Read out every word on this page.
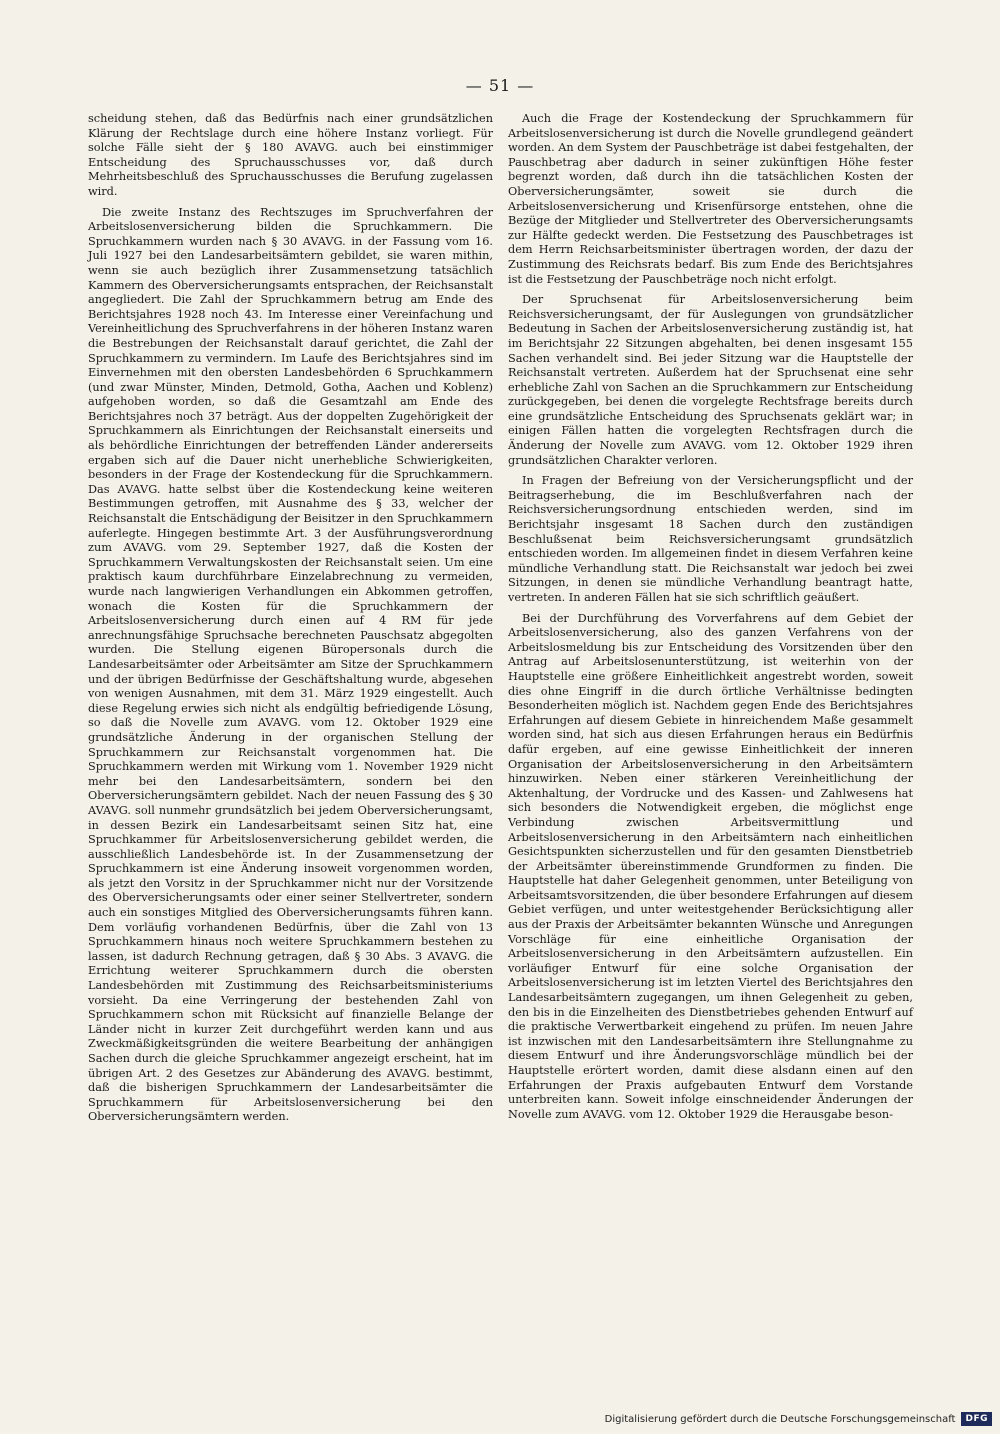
— 51 —

scheidung stehen, daß das Bedürfnis nach einer grundsätzlichen Klärung der Rechtslage durch eine höhere Instanz vorliegt. Für solche Fälle sieht der § 180 AVAVG. auch bei einstimmiger Entscheidung des Spruchausschusses vor, daß durch Mehrheitsbeschluß des Spruchausschusses die Berufung zugelassen wird.

Die zweite Instanz des Rechtszuges im Spruchverfahren der Arbeitslosenversicherung bilden die Spruchkammern. Die Spruchkammern wurden nach § 30 AVAVG. in der Fassung vom 16. Juli 1927 bei den Landesarbeitsämtern gebildet, sie waren mithin, wenn sie auch bezüglich ihrer Zusammensetzung tatsächlich Kammern des Oberversicherungsamts entsprachen, der Reichsanstalt angegliedert. Die Zahl der Spruchkammern betrug am Ende des Berichtsjahres 1928 noch 43. Im Interesse einer Vereinfachung und Vereinheitlichung des Spruchverfahrens in der höheren Instanz waren die Bestrebungen der Reichsanstalt darauf gerichtet, die Zahl der Spruchkammern zu vermindern. Im Laufe des Berichtsjahres sind im Einvernehmen mit den obersten Landesbehörden 6 Spruchkammern (und zwar Münster, Minden, Detmold, Gotha, Aachen und Koblenz) aufgehoben worden, so daß die Gesamtzahl am Ende des Berichtsjahres noch 37 beträgt. Aus der doppelten Zugehörigkeit der Spruchkammern als Einrichtungen der Reichsanstalt einerseits und als behördliche Einrichtungen der betreffenden Länder andererseits ergaben sich auf die Dauer nicht unerhebliche Schwierigkeiten, besonders in der Frage der Kostendeckung für die Spruchkammern. Das AVAVG. hatte selbst über die Kostendeckung keine weiteren Bestimmungen getroffen, mit Ausnahme des § 33, welcher der Reichsanstalt die Entschädigung der Beisitzer in den Spruchkammern auferlegte. Hingegen bestimmte Art. 3 der Ausführungsverordnung zum AVAVG. vom 29. September 1927, daß die Kosten der Spruchkammern Verwaltungskosten der Reichsanstalt seien. Um eine praktisch kaum durchführbare Einzelabrechnung zu vermeiden, wurde nach langwierigen Verhandlungen ein Abkommen getroffen, wonach die Kosten für die Spruchkammern der Arbeitslosenversicherung durch einen auf 4 RM für jede anrechnungsfähige Spruchsache berechneten Pauschsatz abgegolten wurden. Die Stellung eigenen Büropersonals durch die Landesarbeitsämter oder Arbeitsämter am Sitze der Spruchkammern und der übrigen Bedürfnisse der Geschäftshaltung wurde, abgesehen von wenigen Ausnahmen, mit dem 31. März 1929 eingestellt. Auch diese Regelung erwies sich nicht als endgültig befriedigende Lösung, so daß die Novelle zum AVAVG. vom 12. Oktober 1929 eine grundsätzliche Änderung in der organischen Stellung der Spruchkammern zur Reichsanstalt vorgenommen hat. Die Spruchkammern werden mit Wirkung vom 1. November 1929 nicht mehr bei den Landesarbeitsämtern, sondern bei den Oberversicherungsämtern gebildet. Nach der neuen Fassung des § 30 AVAVG. soll nunmehr grundsätzlich bei jedem Oberversicherungsamt, in dessen Bezirk ein Landesarbeitsamt seinen Sitz hat, eine Spruchkammer für Arbeitslosenversicherung gebildet werden, die ausschließlich Landesbehörde ist. In der Zusammensetzung der Spruchkammern ist eine Änderung insoweit vorgenommen worden, als jetzt den Vorsitz in der Spruchkammer nicht nur der Vorsitzende des Oberversicherungsamts oder einer seiner Stellvertreter, sondern auch ein sonstiges Mitglied des Oberversicherungsamts führen kann. Dem vorläufig vorhandenen Bedürfnis, über die Zahl von 13 Spruchkammern hinaus noch weitere Spruchkammern bestehen zu lassen, ist dadurch Rechnung getragen, daß § 30 Abs. 3 AVAVG. die Errichtung weiterer Spruchkammern durch die obersten Landesbehörden mit Zustimmung des Reichsarbeitsministeriums vorsieht. Da eine Verringerung der bestehenden Zahl von Spruchkammern schon mit Rücksicht auf finanzielle Belange der Länder nicht in kurzer Zeit durchgeführt werden kann und aus Zweckmäßigkeitsgründen die weitere Bearbeitung der anhängigen Sachen durch die gleiche Spruchkammer angezeigt erscheint, hat im übrigen Art. 2 des Gesetzes zur Abänderung des AVAVG. bestimmt, daß die bisherigen Spruchkammern der Landesarbeitsämter die Spruchkammern für Arbeitslosenversicherung bei den Oberversicherungsämtern werden.

Auch die Frage der Kostendeckung der Spruchkammern für Arbeitslosenversicherung ist durch die Novelle grundlegend geändert worden. An dem System der Pauschbeträge ist dabei festgehalten, der Pauschbetrag aber dadurch in seiner zukünftigen Höhe fester begrenzt worden, daß durch ihn die tatsächlichen Kosten der Oberversicherungsämter, soweit sie durch die Arbeitslosenversicherung und Krisenfürsorge entstehen, ohne die Bezüge der Mitglieder und Stellvertreter des Oberversicherungsamts zur Hälfte gedeckt werden. Die Festsetzung des Pauschbetrages ist dem Herrn Reichsarbeitsminister übertragen worden, der dazu der Zustimmung des Reichsrats bedarf. Bis zum Ende des Berichtsjahres ist die Festsetzung der Pauschbeträge noch nicht erfolgt.

Der Spruchsenat für Arbeitslosenversicherung beim Reichsversicherungsamt, der für Auslegungen von grundsätzlicher Bedeutung in Sachen der Arbeitslosenversicherung zuständig ist, hat im Berichtsjahr 22 Sitzungen abgehalten, bei denen insgesamt 155 Sachen verhandelt sind. Bei jeder Sitzung war die Hauptstelle der Reichsanstalt vertreten. Außerdem hat der Spruchsenat eine sehr erhebliche Zahl von Sachen an die Spruchkammern zur Entscheidung zurückgegeben, bei denen die vorgelegte Rechtsfrage bereits durch eine grundsätzliche Entscheidung des Spruchsenats geklärt war; in einigen Fällen hatten die vorgelegten Rechtsfragen durch die Änderung der Novelle zum AVAVG. vom 12. Oktober 1929 ihren grundsätzlichen Charakter verloren.

In Fragen der Befreiung von der Versicherungspflicht und der Beitragserhebung, die im Beschlußverfahren nach der Reichsversicherungsordnung entschieden werden, sind im Berichtsjahr insgesamt 18 Sachen durch den zuständigen Beschlußsenat beim Reichsversicherungsamt grundsätzlich entschieden worden. Im allgemeinen findet in diesem Verfahren keine mündliche Verhandlung statt. Die Reichsanstalt war jedoch bei zwei Sitzungen, in denen sie mündliche Verhandlung beantragt hatte, vertreten. In anderen Fällen hat sie sich schriftlich geäußert.

Bei der Durchführung des Vorverfahrens auf dem Gebiet der Arbeitslosenversicherung, also des ganzen Verfahrens von der Arbeitslosmeldung bis zur Entscheidung des Vorsitzenden über den Antrag auf Arbeitslosenunterstützung, ist weiterhin von der Hauptstelle eine größere Einheitlichkeit angestrebt worden, soweit dies ohne Eingriff in die durch örtliche Verhältnisse bedingten Besonderheiten möglich ist. Nachdem gegen Ende des Berichtsjahres Erfahrungen auf diesem Gebiete in hinreichendem Maße gesammelt worden sind, hat sich aus diesen Erfahrungen heraus ein Bedürfnis dafür ergeben, auf eine gewisse Einheitlichkeit der inneren Organisation der Arbeitslosenversicherung in den Arbeitsämtern hinzuwirken. Neben einer stärkeren Vereinheitlichung der Aktenhaltung, der Vordrucke und des Kassen- und Zahlwesens hat sich besonders die Notwendigkeit ergeben, die möglichst enge Verbindung zwischen Arbeitsvermittlung und Arbeitslosenversicherung in den Arbeitsämtern nach einheitlichen Gesichtspunkten sicherzustellen und für den gesamten Dienstbetrieb der Arbeitsämter übereinstimmende Grundformen zu finden. Die Hauptstelle hat daher Gelegenheit genommen, unter Beteiligung von Arbeitsamtsvorsitzenden, die über besondere Erfahrungen auf diesem Gebiet verfügen, und unter weitestgehender Berücksichtigung aller aus der Praxis der Arbeitsämter bekannten Wünsche und Anregungen Vorschläge für eine einheitliche Organisation der Arbeitslosenversicherung in den Arbeitsämtern aufzustellen. Ein vorläufiger Entwurf für eine solche Organisation der Arbeitslosenversicherung ist im letzten Viertel des Berichtsjahres den Landesarbeitsämtern zugegangen, um ihnen Gelegenheit zu geben, den bis in die Einzelheiten des Dienstbetriebes gehenden Entwurf auf die praktische Verwertbarkeit eingehend zu prüfen. Im neuen Jahre ist inzwischen mit den Landesarbeitsämtern ihre Stellungnahme zu diesem Entwurf und ihre Änderungsvorschläge mündlich bei der Hauptstelle erörtert worden, damit diese alsdann einen auf den Erfahrungen der Praxis aufgebauten Entwurf dem Vorstande unterbreiten kann. Soweit infolge einschneidender Änderungen der Novelle zum AVAVG. vom 12. Oktober 1929 die Herausgabe beson-

Digitalisierung gefördert durch die Deutsche Forschungsgemeinschaft	DFG
